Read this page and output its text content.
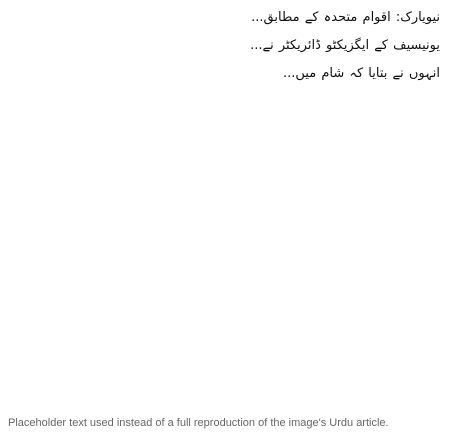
نیویارک: اقوام متحدہ کے مطابق...

یونیسیف کے ایگزیکٹو ڈائریکٹر نے...

انہوں نے بتایا کہ شام میں...

Placeholder text used instead of a full reproduction of the image's Urdu article.
